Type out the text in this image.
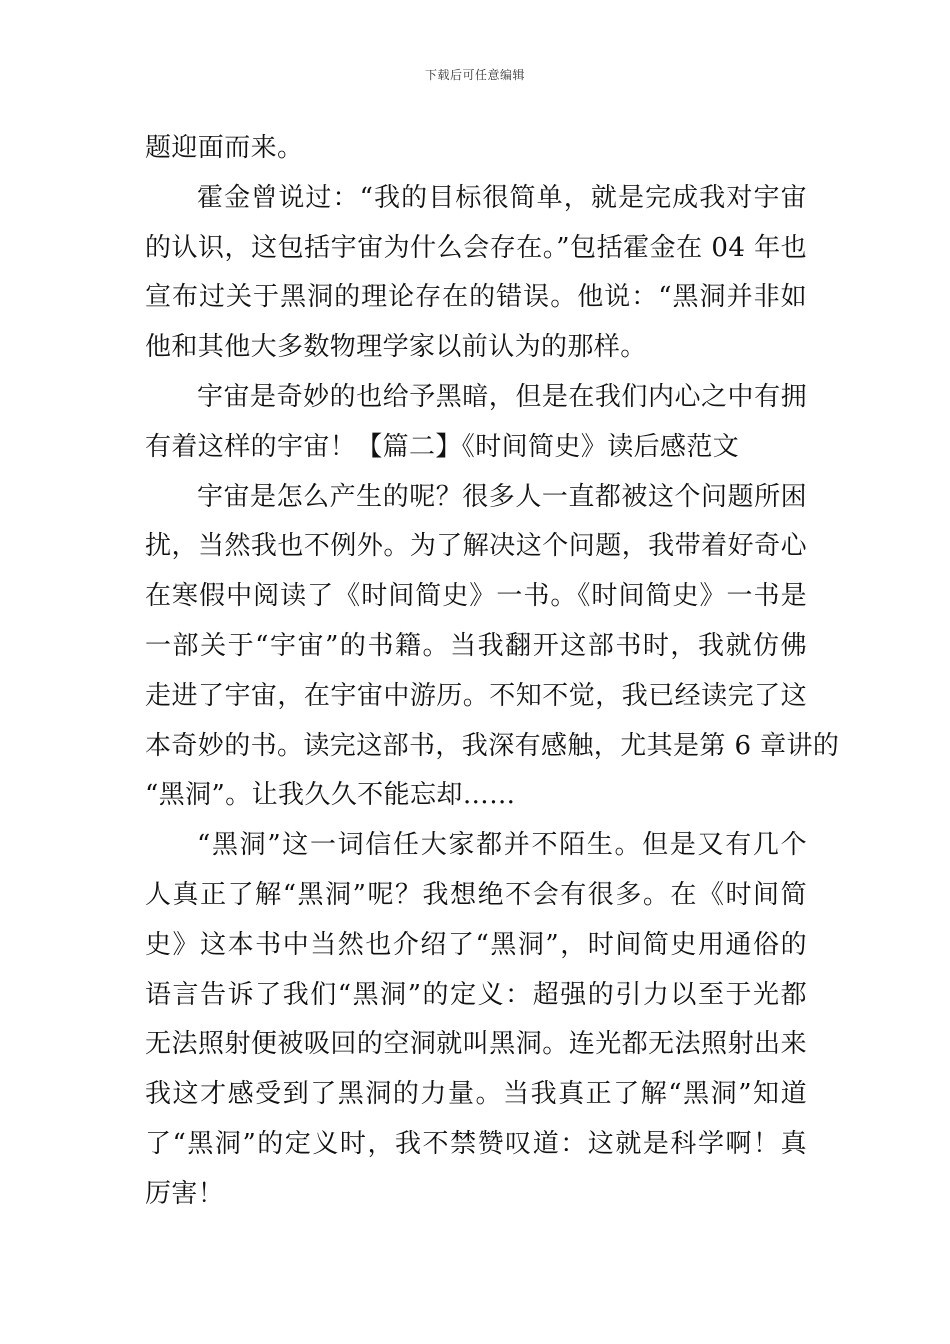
下载后可任意编辑
题迎面而来。
霍金曾说过：“我的目标很简单，就是完成我对宇宙
的认识，这包括宇宙为什么会存在。”包括霍金在 04 年也
宣布过关于黑洞的理论存在的错误。他说：“黑洞并非如
他和其他大多数物理学家以前认为的那样。
宇宙是奇妙的也给予黑暗，但是在我们内心之中有拥
有着这样的宇宙！【篇二】《时间简史》读后感范文
宇宙是怎么产生的呢？很多人一直都被这个问题所困
扰，当然我也不例外。为了解决这个问题，我带着好奇心
在寒假中阅读了《时间简史》一书。《时间简史》一书是
一部关于“宇宙”的书籍。当我翻开这部书时，我就仿佛
走进了宇宙，在宇宙中游历。不知不觉，我已经读完了这
本奇妙的书。读完这部书，我深有感触，尤其是第 6 章讲的
“黑洞”。让我久久不能忘却……
“黑洞”这一词信任大家都并不陌生。但是又有几个
人真正了解“黑洞”呢？我想绝不会有很多。在《时间简
史》这本书中当然也介绍了“黑洞”，时间简史用通俗的
语言告诉了我们“黑洞”的定义：超强的引力以至于光都
无法照射便被吸回的空洞就叫黑洞。连光都无法照射出来
我这才感受到了黑洞的力量。当我真正了解“黑洞”知道
了“黑洞”的定义时，我不禁赞叹道：这就是科学啊！真
厉害！
